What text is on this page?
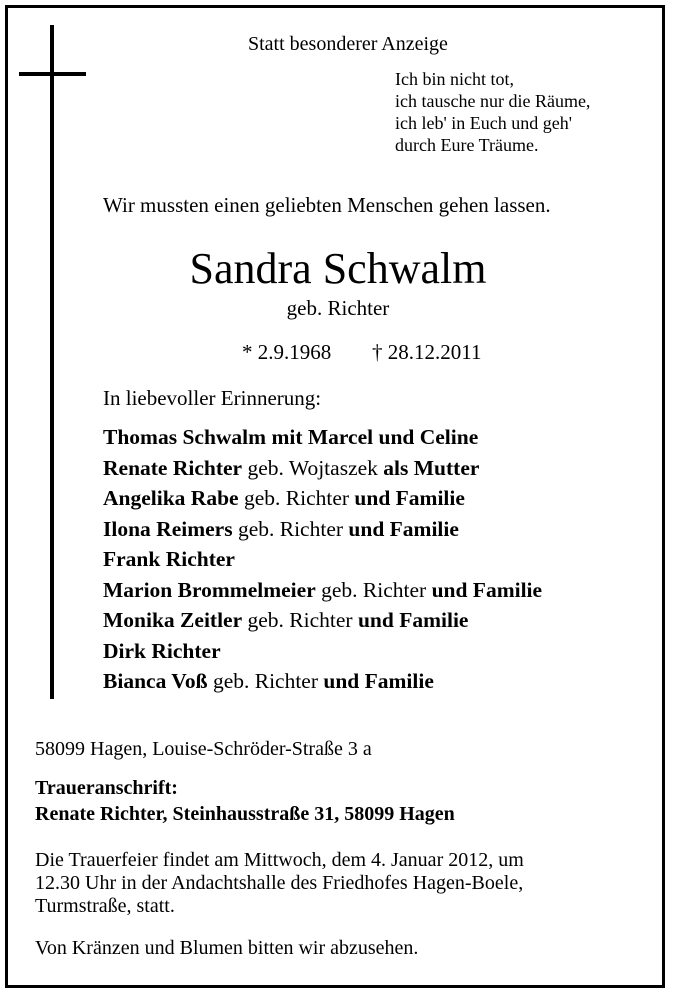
Statt besonderer Anzeige
Ich bin nicht tot,
ich tausche nur die Räume,
ich leb' in Euch und geh'
durch Eure Träume.
Wir mussten einen geliebten Menschen gehen lassen.
Sandra Schwalm
geb. Richter
* 2.9.1968 † 28.12.2011
In liebevoller Erinnerung:
Thomas Schwalm mit Marcel und Celine
Renate Richter geb. Wojtaszek als Mutter
Angelika Rabe geb. Richter und Familie
Ilona Reimers geb. Richter und Familie
Frank Richter
Marion Brommelmeier geb. Richter und Familie
Monika Zeitler geb. Richter und Familie
Dirk Richter
Bianca Voß geb. Richter und Familie
58099 Hagen, Louise-Schröder-Straße 3 a
Traueranschrift:
Renate Richter, Steinhausstraße 31, 58099 Hagen
Die Trauerfeier findet am Mittwoch, dem 4. Januar 2012, um
12.30 Uhr in der Andachtshalle des Friedhofes Hagen-Boele,
Turmstraße, statt.
Von Kränzen und Blumen bitten wir abzusehen.
